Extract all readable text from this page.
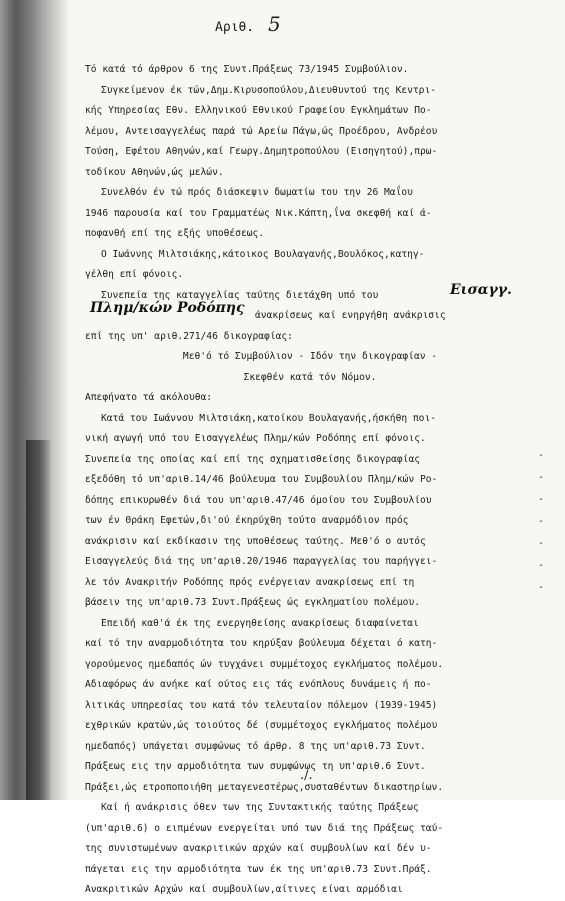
Αριθ. 5
Τό κατά τό άρθρον 6 της Συντ.Πράξεως 73/1945 Συμβούλιον.
Συγκείμενον έκ τών,Δημ.Κιρυσοπούλου,Διευθυντού της Κεντρι-
κής Υπηρεσίας Εθν. Ελληνικού Εθνικού Γραφείου Εγκλημάτων Πο-
λέμου, Αντεισαγγελέως παρά τώ Αρείω Πάγω,ώς Προέδρου, Ανδρέου
Τούση, Εφέτου Αθηνών,καί Γεωργ.Δημητροπούλου (Εισηγητού),πρω-
τοδίκου Αθηνών,ώς μελών.
Συνελθόν έν τώ πρός διάσκεψιν δωματίω του την 26 Μαΐου
1946 παρουσία καί του Γραμματέως Νικ.Κάπτη,ΐνα σκεφθή καί ά-
ποφανθή επί της εξής υποθέσεως.
Ο Ιωάννης Μιλτσιάκης,κάτοικος Βουλαγανής,Βουλόκος,κατηγ-
γέλθη επί φόνοις.
Συνεπεία της καταγγελίας ταύτης διετάχθη υπό του
άνακρίσεως καί ενηργήθη ανάκρισις
επί της υπ' αριθ.271/46 δικογραφίας:
Μεθ'ό τό Συμβούλιον - Ιδόν την δικογραφίαν -
Σκεφθέν κατά τόν Νόμον.
Απεφήνατο τά ακόλουθα:
Κατά του Ιωάννου Μιλτσιάκη,κατοίκου Βουλαγανής,ήσκήθη ποι-
νική αγωγή υπό του Εισαγγελέως Πλημ/κών Ροδόπης επί φόνοις.
Συνεπεία της οποίας καί επί της σχηματισθείσης δικογραφίας
εξεδόθη τό υπ'αριθ.14/46 βούλευμα του Συμβουλίου Πλημ/κών Ρο-
δόπης επικυρωθέν διά του υπ'αριθ.47/46 όμοίου του Συμβουλίου
των έν Θράκη Εφετών,δι'ού έκηρύχθη τούτο αναρμόδιον πρός
ανάκρισιν καί εκδίκασιν της υποθέσεως ταύτης. Μεθ'ό ο αυτός
Εισαγγελεύς διά της υπ'αριθ.20/1946 παραγγελίας του παρήγγει-
λε τόν Ανακριτήν Ροδόπης πρός ενέργειαν ανακρίσεως επί τη
βάσειν της υπ'αριθ.73 Συντ.Πράξεως ώς εγκληματίου πολέμου.
Επειδή καθ'ά έκ της ενεργηθείσης ανακρίσεως διαφαίνεται
καί τό την αναρμοδιότητα του κηρύξαν βούλευμα δέχεται ό κατη-
γορούμενος ημεδαπός ών τυγχάνει συμμέτοχος εγκλήματος πολέμου.
Αδιαφόρως άν ανήκε καί ούτος εις τάς ενόπλους δυνάμεις ή πο-
λιτικάς υπηρεσίας του κατά τόν τελευταίον πόλεμον (1939-1945)
εχθρικών κρατών,ώς τοιούτος δέ (συμμέτοχος εγκλήματος πολέμου
ημεδαπός) υπάγεται συμφώνως τό άρθρ. 8 της υπ'αριθ.73 Συντ.
Πράξεως εις την αρμοδιότητα των συμφώνως τη υπ'αριθ.6 Συντ.
Πράξει,ώς ετροποποιήθη μεταγενεστέρως,συσταθέντων δικαστηρίων.
Καί ή ανάκρισις όθεν των της Συντακτικής ταύτης Πράξεως
(υπ'αριθ.6) ο ειπμένων ενεργείται υπό των διά της Πράξεως ταύ-
της συνιστωμένων ανακριτικών αρχών καί συμβουλίων καί δέν υ-
πάγεται εις την αρμοδιότητα των έκ της υπ'αριθ.73 Συντ.Πράξ.
Ανακριτικών Αρχών καί συμβουλίων,αίτινες είναι αρμόδιαι
Εισαγγ.
Πλημ/κών Ροδόπης
-
-
-
-
-
-
-
./.
